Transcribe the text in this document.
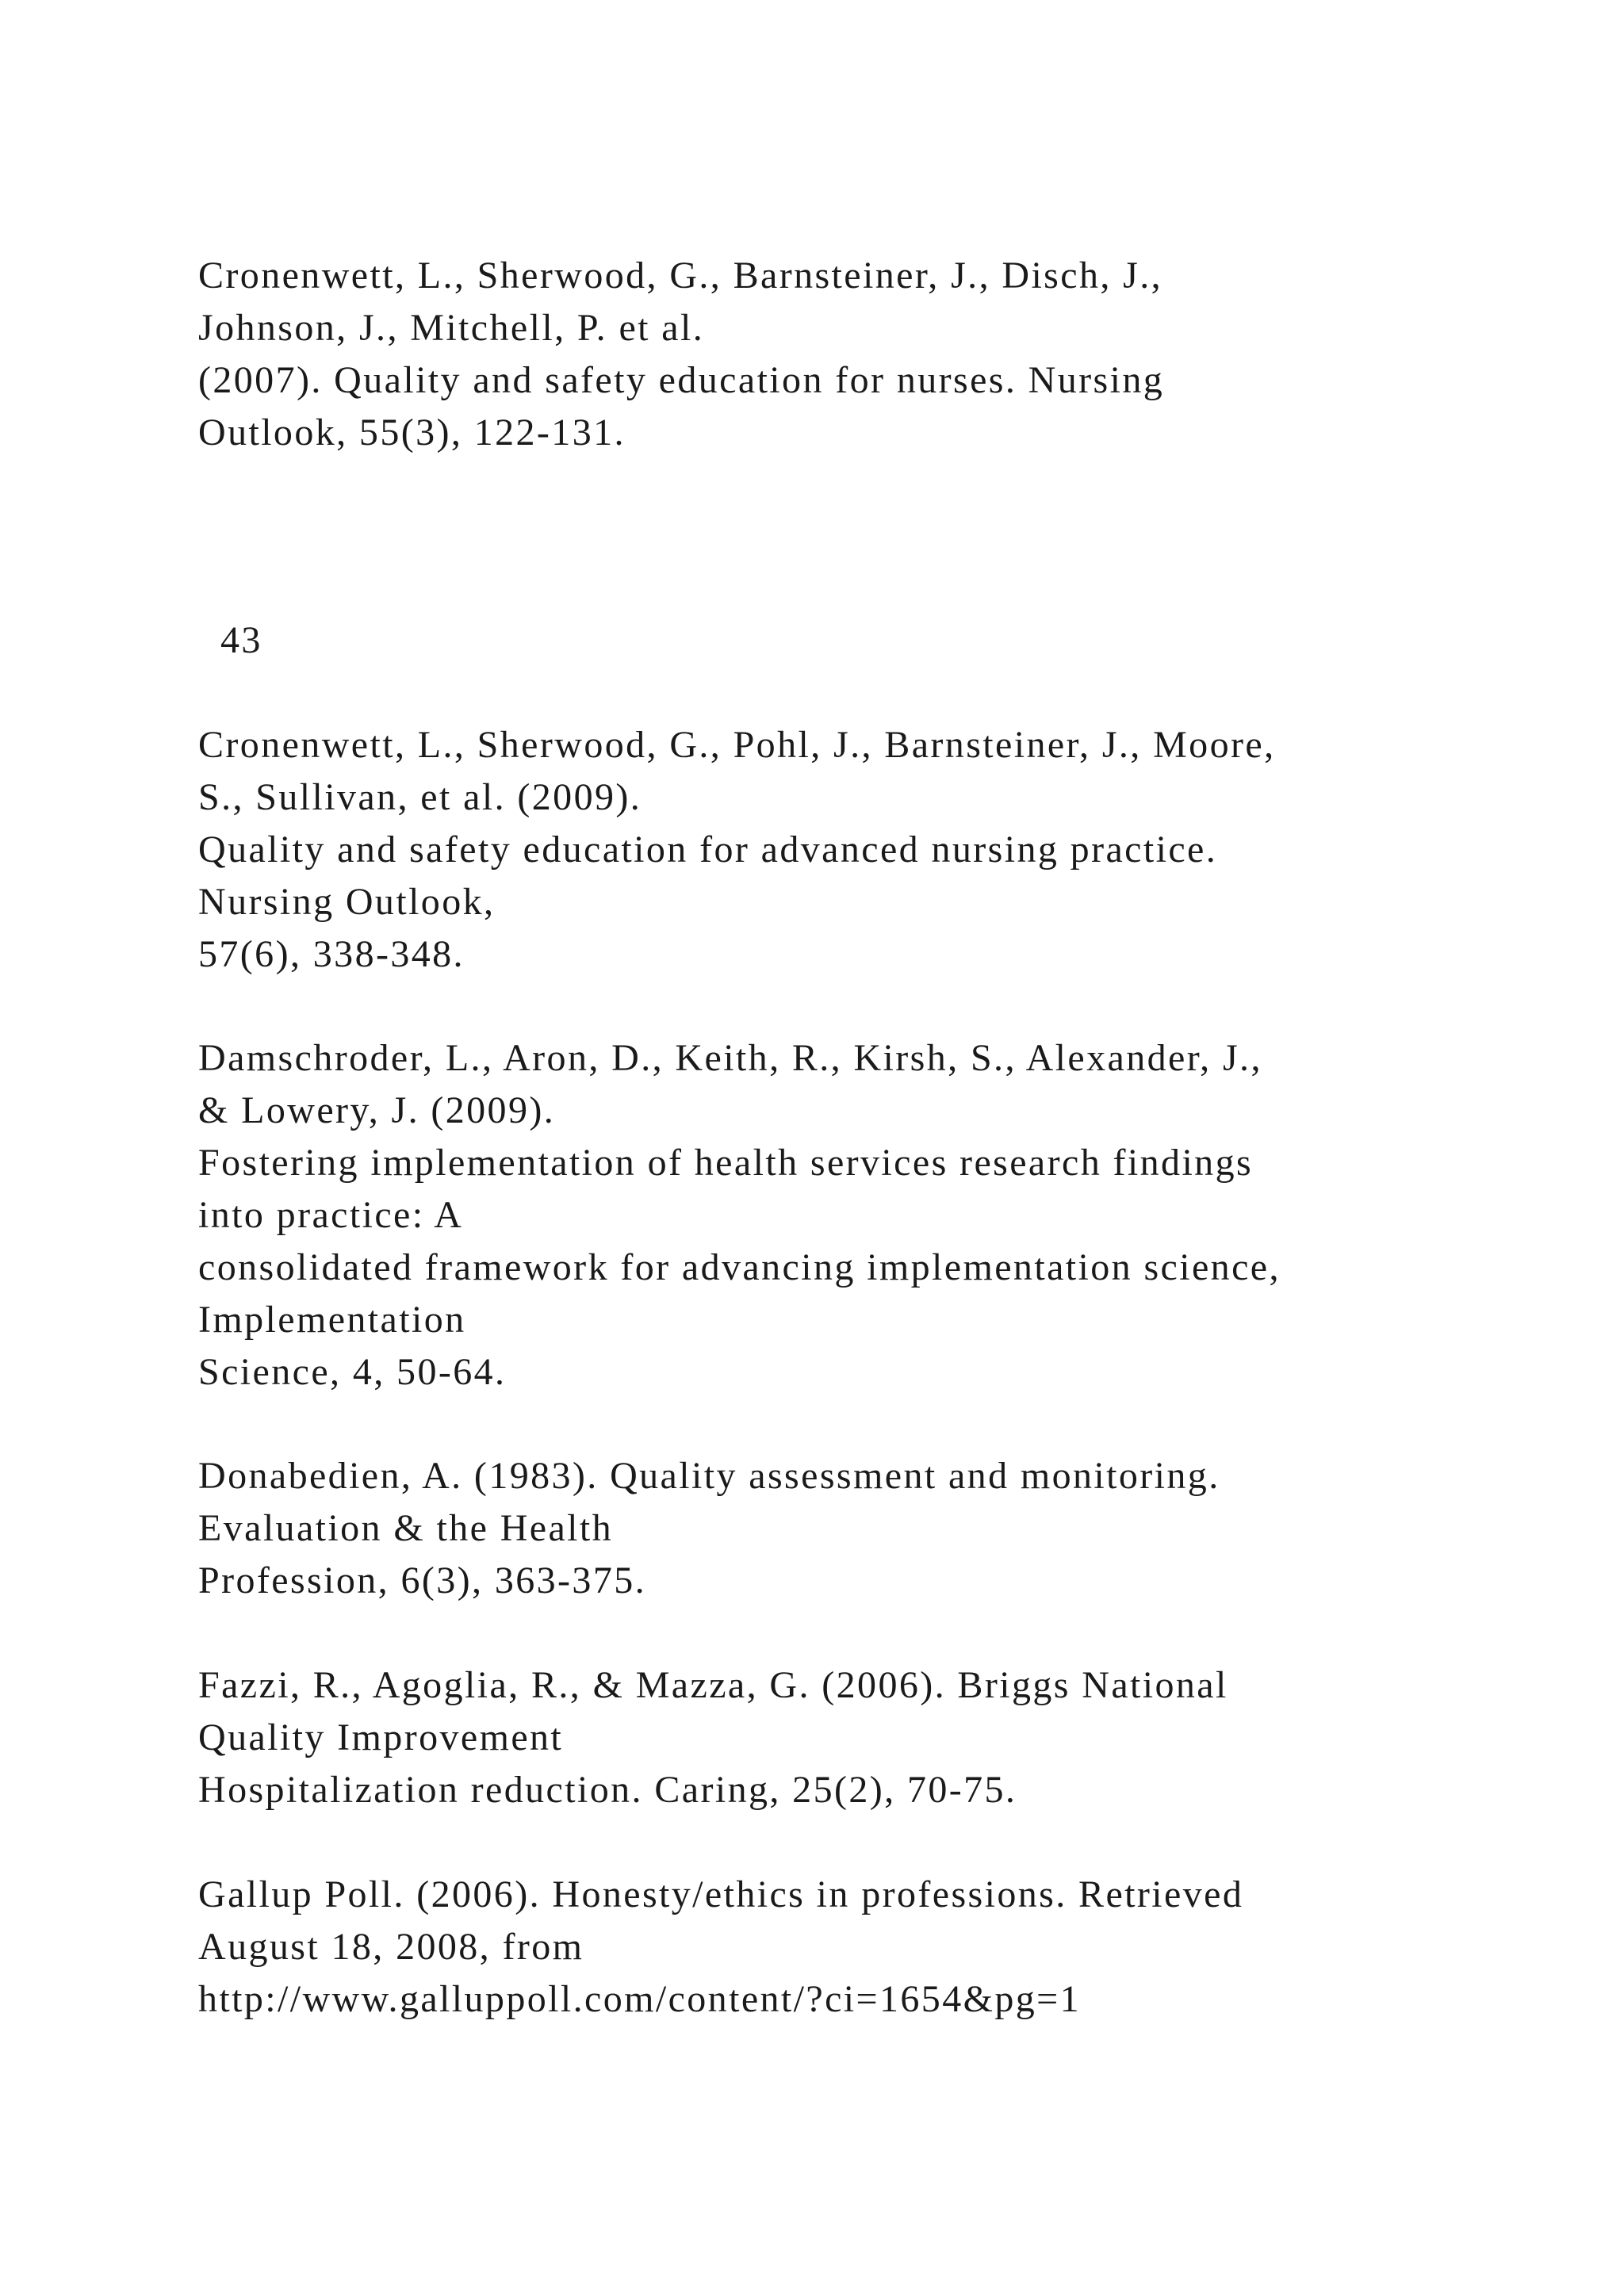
Cronenwett, L., Sherwood, G., Barnsteiner, J., Disch, J.,

Johnson, J., Mitchell, P. et al.

(2007). Quality and safety education for nurses. Nursing

Outlook, 55(3), 122-131.

43

Cronenwett, L., Sherwood, G., Pohl, J., Barnsteiner, J., Moore,

S., Sullivan, et al. (2009).

Quality and safety education for advanced nursing practice.

Nursing Outlook,

57(6), 338-348.

Damschroder, L., Aron, D., Keith, R., Kirsh, S., Alexander, J.,

& Lowery, J. (2009).

Fostering implementation of health services research findings

into practice: A

consolidated framework for advancing implementation science,

Implementation

Science, 4, 50-64.

Donabedien, A. (1983). Quality assessment and monitoring.

Evaluation & the Health

Profession, 6(3), 363-375.

Fazzi, R., Agoglia, R., & Mazza, G. (2006). Briggs National

Quality Improvement

Hospitalization reduction. Caring, 25(2), 70-75.

Gallup Poll. (2006). Honesty/ethics in professions. Retrieved

August 18, 2008, from

http://www.galluppoll.com/content/?ci=1654&pg=1
